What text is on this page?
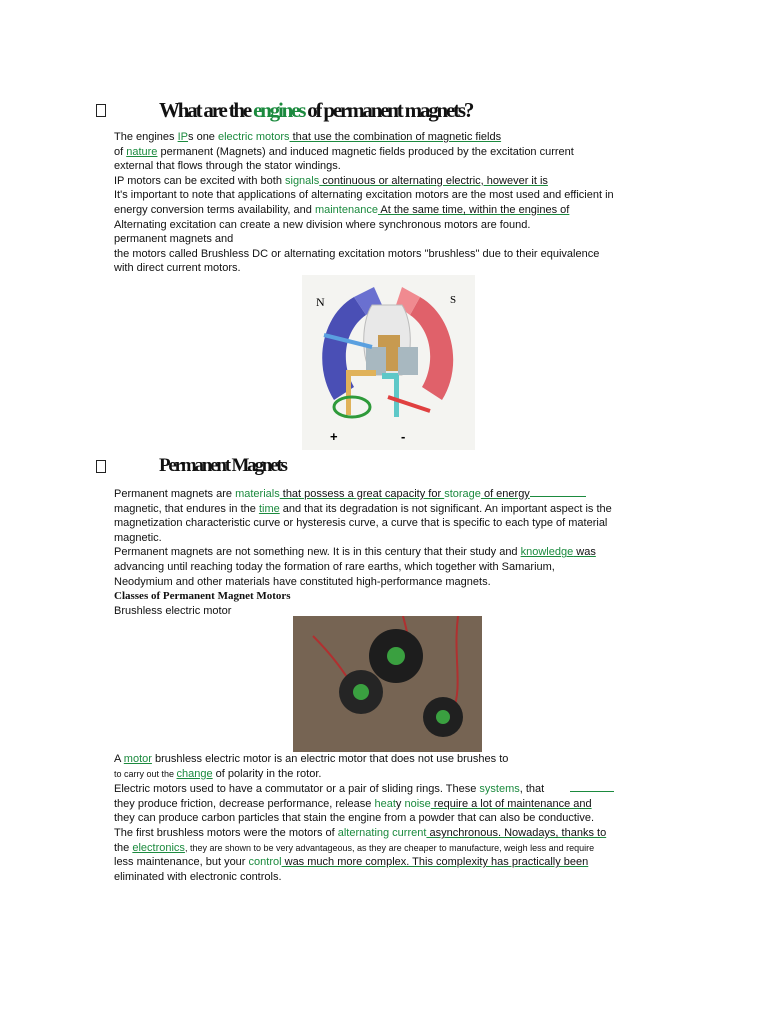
What are the engines of permanent magnets?
The engines IPs one electric motors that use the combination of magnetic fields
of nature permanent (Magnets) and induced magnetic fields produced by the excitation current
external that flows through the stator windings.
IP motors can be excited with both signals continuous or alternating electric, however it is
It's important to note that applications of alternating excitation motors are the most used and efficient in
energy conversion terms availability, and maintenance At the same time, within the engines of
Alternating excitation can create a new division where synchronous motors are found.
permanent magnets and
the motors called Brushless DC or alternating excitation motors "brushless" due to their equivalence
with direct current motors.
N	S
+	-
Permanent Magnets
Permanent magnets are materials that possess a great capacity for storage of energy
magnetic, that endures in the time and that its degradation is not significant. An important aspect is the
magnetization characteristic curve or hysteresis curve, a curve that is specific to each type of material
magnetic.
Permanent magnets are not something new. It is in this century that their study and knowledge was
advancing until reaching today the formation of rare earths, which together with Samarium,
Neodymium and other materials have constituted high-performance magnets.
Classes of Permanent Magnet Motors
Brushless electric motor
A motor brushless electric motor is an electric motor that does not use brushes to
to carry out the change of polarity in the rotor.
Electric motors used to have a commutator or a pair of sliding rings. These systems, that
they produce friction, decrease performance, release heaty noise require a lot of maintenance and
they can produce carbon particles that stain the engine from a powder that can also be conductive.
The first brushless motors were the motors of alternating current asynchronous. Nowadays, thanks to
the electronics, they are shown to be very advantageous, as they are cheaper to manufacture, weigh less and require
less maintenance, but your control was much more complex. This complexity has practically been
eliminated with electronic controls.
